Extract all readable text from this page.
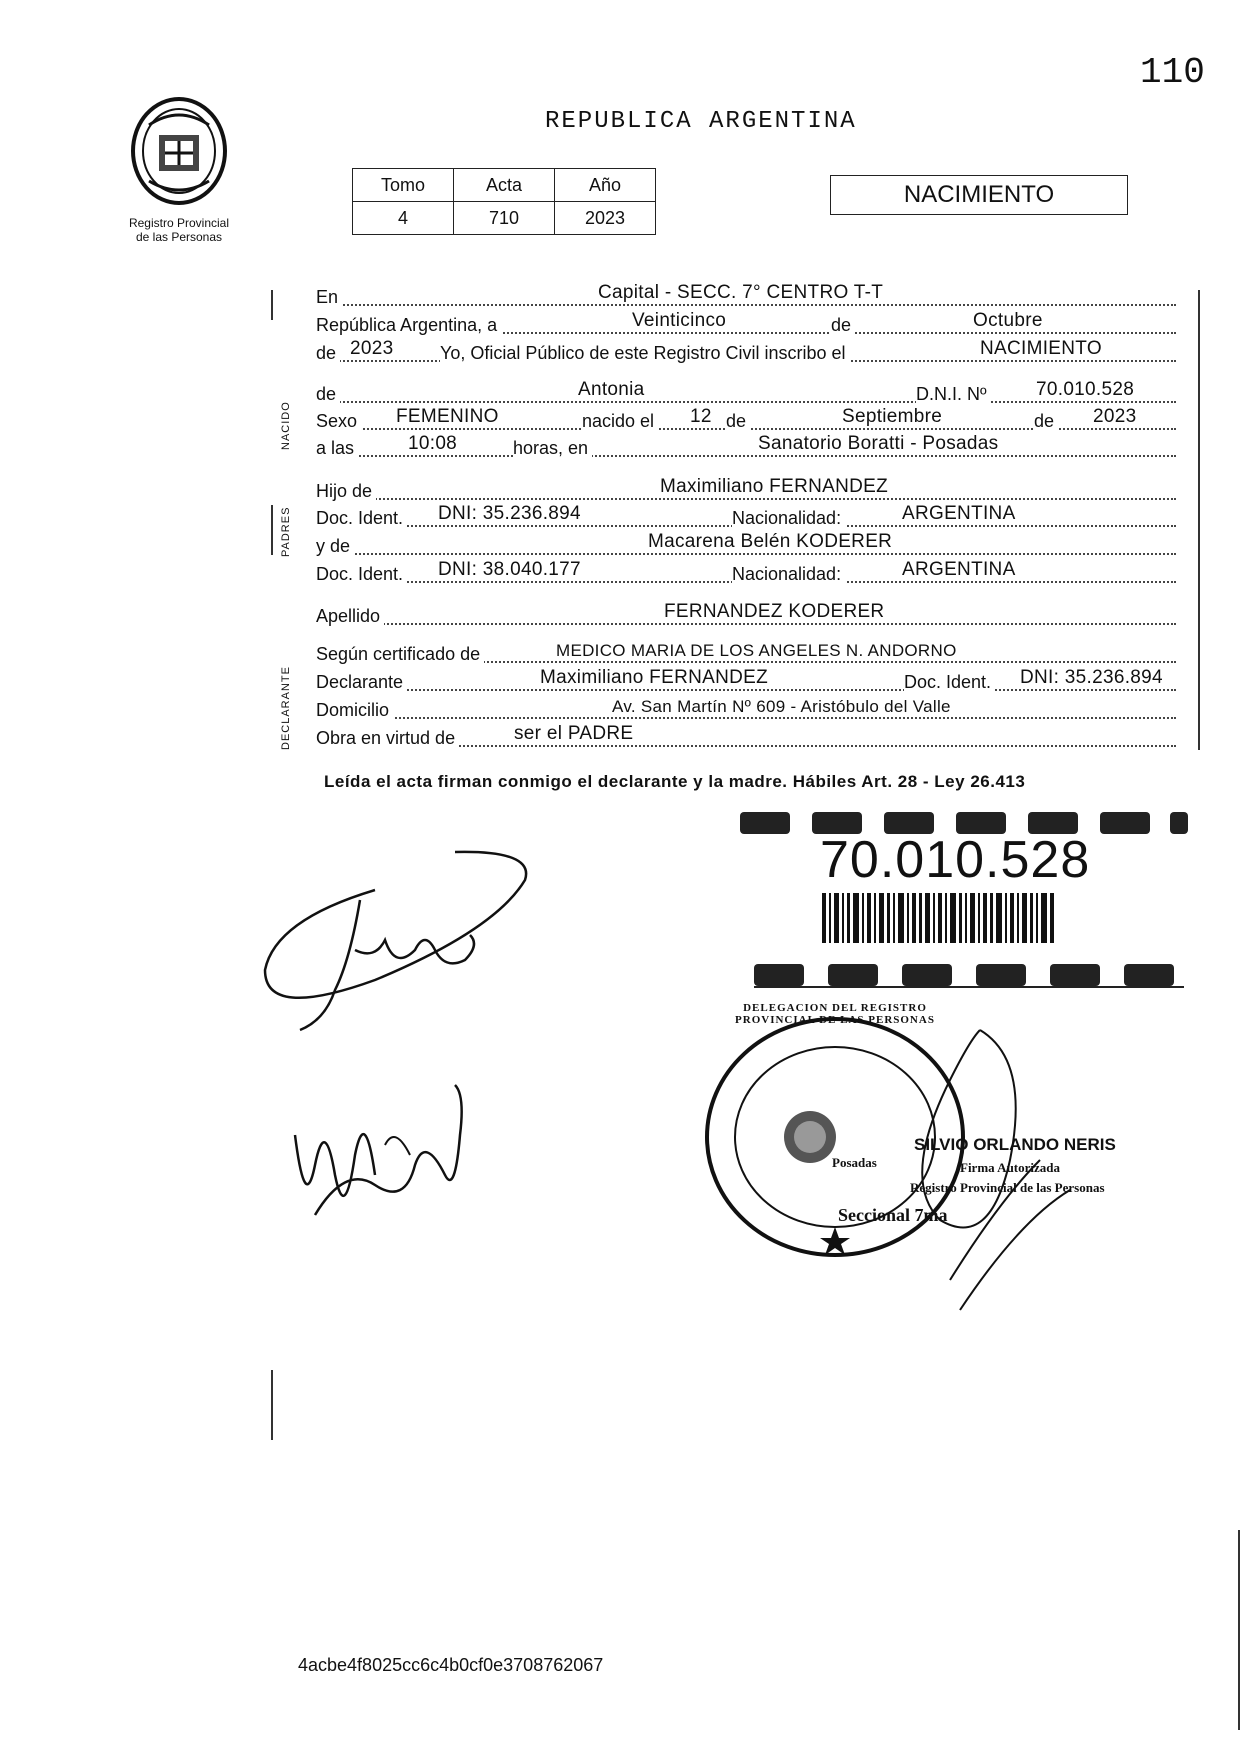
110
Registro Provincial
de las Personas
REPUBLICA ARGENTINA
Tomo	Acta	Año
4	710	2023
NACIMIENTO
NACIDO
PADRES
DECLARANTE
En	Capital - SECC. 7° CENTRO T-T
República Argentina, a	Veinticinco	de	Octubre
de 2023	Yo, Oficial Público de este Registro Civil inscribo el	NACIMIENTO
de	Antonia	D.N.I. Nº	70.010.528
Sexo FEMENINO	nacido el 12 de	Septiembre	de 2023
a las	10:08	horas, en	Sanatorio Boratti - Posadas
Hijo de	Maximiliano FERNANDEZ
Doc. Ident. DNI: 35.236.894	Nacionalidad:	ARGENTINA
y de	Macarena Belén KODERER
Doc. Ident. DNI: 38.040.177	Nacionalidad:	ARGENTINA
Apellido	FERNANDEZ KODERER
Según certificado de	MEDICO MARIA DE LOS ANGELES N. ANDORNO
Declarante	Maximiliano FERNANDEZ	Doc. Ident. DNI: 35.236.894
Domicilio	Av. San Martín Nº 609 - Aristóbulo del Valle
Obra en virtud de	ser el PADRE
Leída el acta firman conmigo el declarante y la madre. Hábiles Art. 28 - Ley 26.413
70.010.528
Seccional 7ma
Posadas
DELEGACION DEL REGISTRO PROVINCIAL DE LAS PERSONAS
SILVIO ORLANDO NERIS
Firma Autorizada
Registro Provincial de las Personas
4acbe4f8025cc6c4b0cf0e3708762067
